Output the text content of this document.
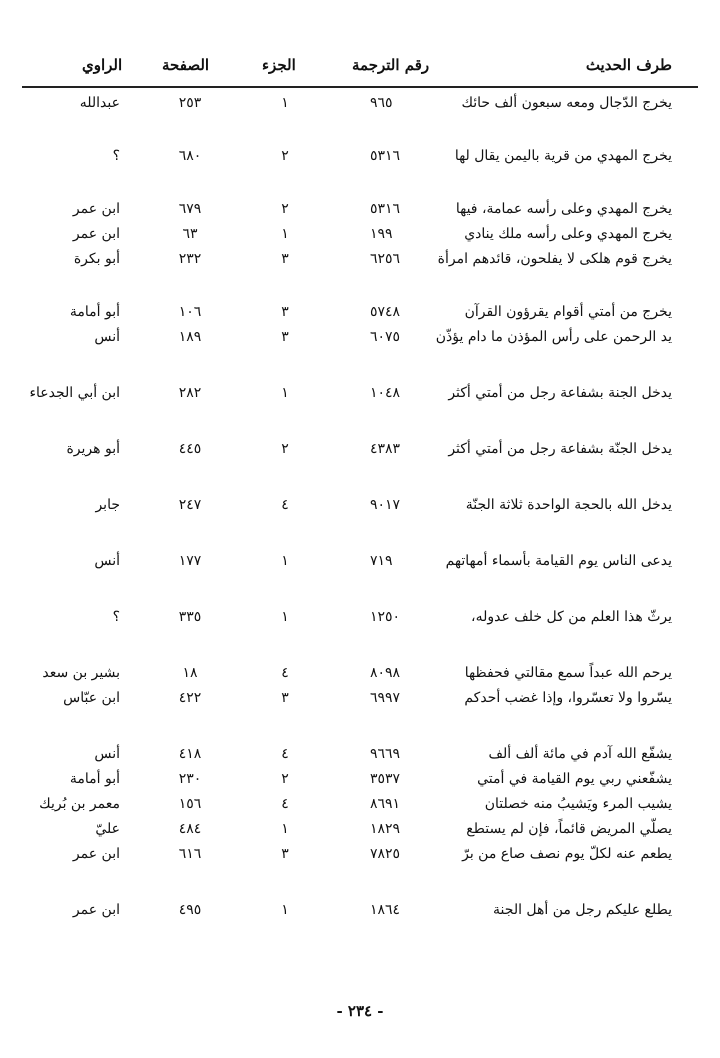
طرف الحديث
رقم الترجمة
الجزء
الصفحة
الراوي
يخرج الدّجال ومعه سبعون ألف حائك
٩٦٥
١
٢٥٣
عبدالله
يخرج المهدي من قرية باليمن يقال لها
٥٣١٦
٢
٦٨٠
؟
يخرج المهدي وعلى رأسه عمامة، فيها
٥٣١٦
٢
٦٧٩
ابن عمر
يخرج المهدي وعلى رأسه ملك ينادي
١٩٩
١
٦٣
ابن عمر
يخرج قوم هلكى لا يفلحون، قائدهم امرأة
٦٢٥٦
٣
٢٣٢
أبو بكرة
يخرج من أمتي أقوام يقرؤون القرآن
٥٧٤٨
٣
١٠٦
أبو أمامة
يد الرحمن على رأس المؤذن ما دام يؤذّن
٦٠٧٥
٣
١٨٩
أنس
يدخل الجنة بشفاعة رجل من أمتي أكثر
١٠٤٨
١
٢٨٢
ابن أبي الجدعاء
يدخل الجنّة بشفاعة رجل من أمتي أكثر
٤٣٨٣
٢
٤٤٥
أبو هريرة
يدخل الله بالحجة الواحدة ثلاثة الجنّة
٩٠١٧
٤
٢٤٧
جابر
يدعى الناس يوم القيامة بأسماء أمهاتهم
٧١٩
١
١٧٧
أنس
يرثّ هذا العلم من كل خلف عدوله،
١٢٥٠
١
٣٣٥
؟
يرحم الله عبداً سمع مقالتي فحفظها
٨٠٩٨
٤
١٨
بشير بن سعد
يسّروا ولا تعسّروا، وإذا غضب أحدكم
٦٩٩٧
٣
٤٢٢
ابن عبّاس
يشفّع الله آدم في مائة ألف ألف
٩٦٦٩
٤
٤١٨
أنس
يشفّعني ربي يوم القيامة في أمتي
٣٥٣٧
٢
٢٣٠
أبو أمامة
يشيب المرء ويَشيبُ منه خصلتان
٨٦٩١
٤
١٥٦
معمر بن بُريك
يصلّي المريض قائماً، فإن لم يستطع
١٨٢٩
١
٤٨٤
عليّ
يطعم عنه لكلّ يوم نصف صاع من برّ
٧٨٢٥
٣
٦١٦
ابن عمر
يطلع عليكم رجل من أهل الجنة
١٨٦٤
١
٤٩٥
ابن عمر
- ٢٣٤ -
